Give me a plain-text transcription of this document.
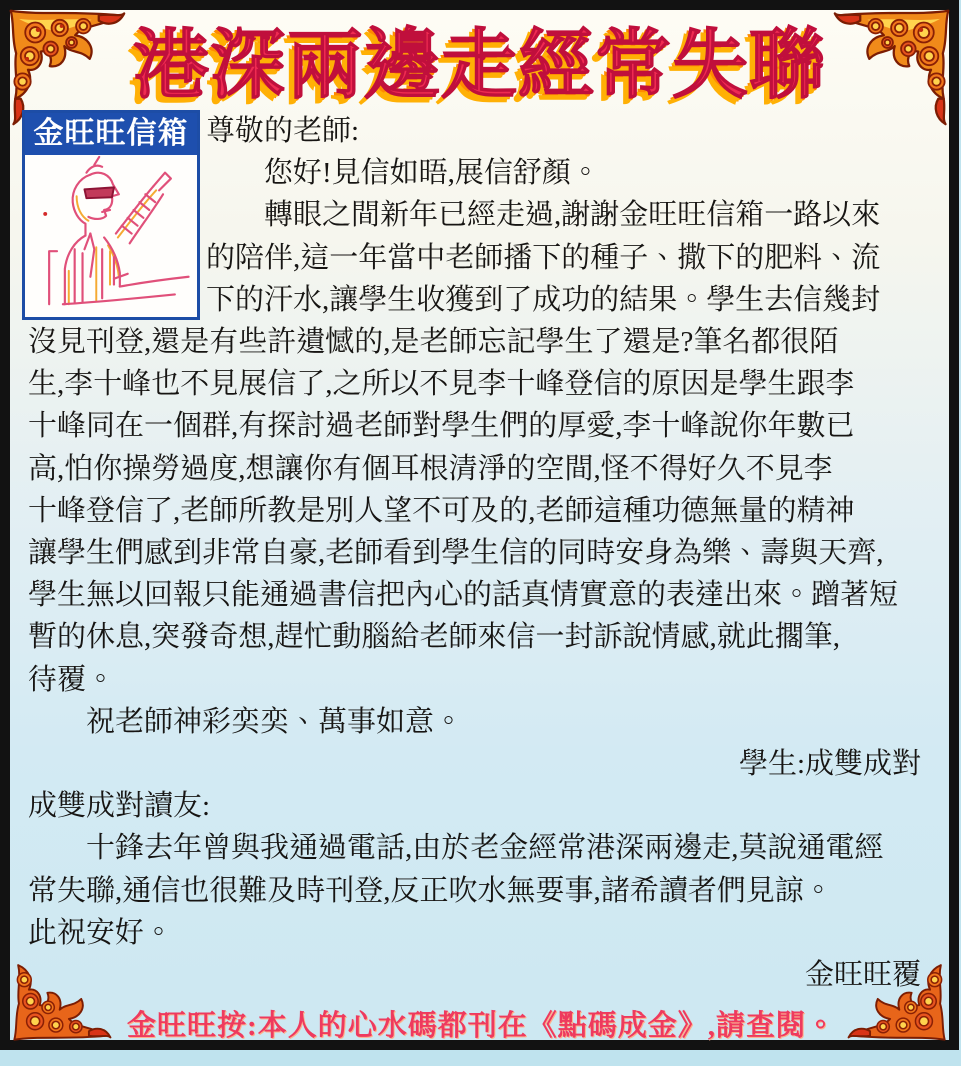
港深兩邊走經常失聯
金旺旺信箱 尊敬的老師:
　　您好!見信如晤,展信舒顏。
　　轉眼之間新年已經走過,謝謝金旺旺信箱一路以來
的陪伴,這一年當中老師播下的種子、撒下的肥料、流
下的汗水,讓學生收獲到了成功的結果。學生去信幾封
沒見刊登,還是有些許遺憾的,是老師忘記學生了還是?筆名都很陌
生,李十峰也不見展信了,之所以不見李十峰登信的原因是學生跟李
十峰同在一個群,有探討過老師對學生們的厚愛,李十峰說你年數已
高,怕你操勞過度,想讓你有個耳根清淨的空間,怪不得好久不見李
十峰登信了,老師所教是別人望不可及的,老師這種功德無量的精神
讓學生們感到非常自豪,老師看到學生信的同時安身為樂、壽與天齊,
學生無以回報只能通過書信把內心的話真情實意的表達出來。蹭著短
暫的休息,突發奇想,趕忙動腦給老師來信一封訴說情感,就此擱筆,
待覆。
　　祝老師神彩奕奕、萬事如意。
學生:成雙成對
成雙成對讀友:
　　十鋒去年曾與我通過電話,由於老金經常港深兩邊走,莫說通電經
常失聯,通信也很難及時刊登,反正吹水無要事,諸希讀者們見諒。
此祝安好。
金旺旺覆
金旺旺按:本人的心水碼都刊在《點碼成金》,請查閱。
